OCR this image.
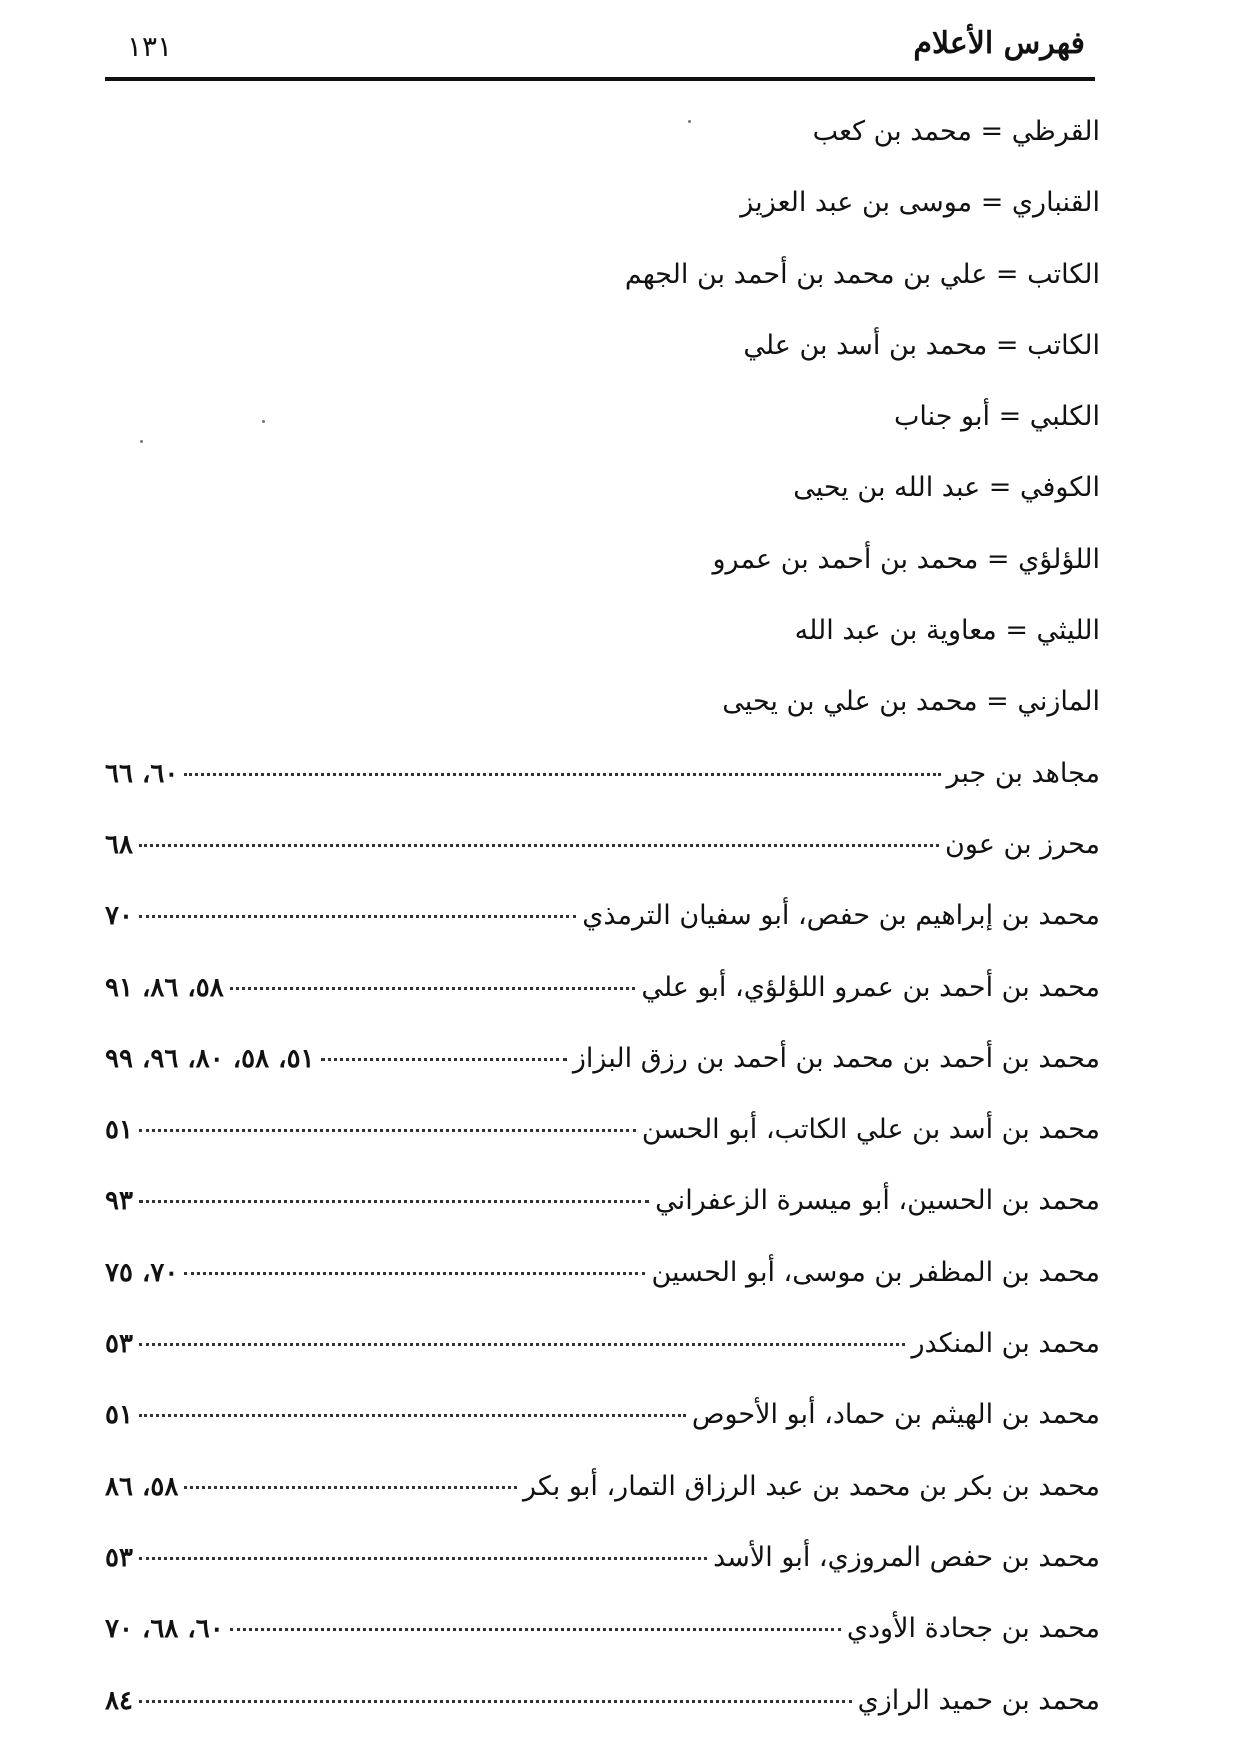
فهرس الأعلام
١٣١
القرظي = محمد بن كعب
القنباري = موسى بن عبد العزيز
الكاتب = علي بن محمد بن أحمد بن الجهم
الكاتب = محمد بن أسد بن علي
الكلبي = أبو جناب
الكوفي = عبد الله بن يحيى
اللؤلؤي = محمد بن أحمد بن عمرو
الليثي = معاوية بن عبد الله
المازني = محمد بن علي بن يحيى
مجاهد بن جبر
٦٠، ٦٦
محرز بن عون
٦٨
محمد بن إبراهيم بن حفص، أبو سفيان الترمذي
٧٠
محمد بن أحمد بن عمرو اللؤلؤي، أبو علي
٥٨، ٨٦، ٩١
محمد بن أحمد بن محمد بن أحمد بن رزق البزاز
٥١، ٥٨، ٨٠، ٩٦، ٩٩
محمد بن أسد بن علي الكاتب، أبو الحسن
٥١
محمد بن الحسين، أبو ميسرة الزعفراني
٩٣
محمد بن المظفر بن موسى، أبو الحسين
٧٠، ٧٥
محمد بن المنكدر
٥٣
محمد بن الهيثم بن حماد، أبو الأحوص
٥١
محمد بن بكر بن محمد بن عبد الرزاق التمار، أبو بكر
٥٨، ٨٦
محمد بن حفص المروزي، أبو الأسد
٥٣
محمد بن جحادة الأودي
٦٠، ٦٨، ٧٠
محمد بن حميد الرازي
٨٤
